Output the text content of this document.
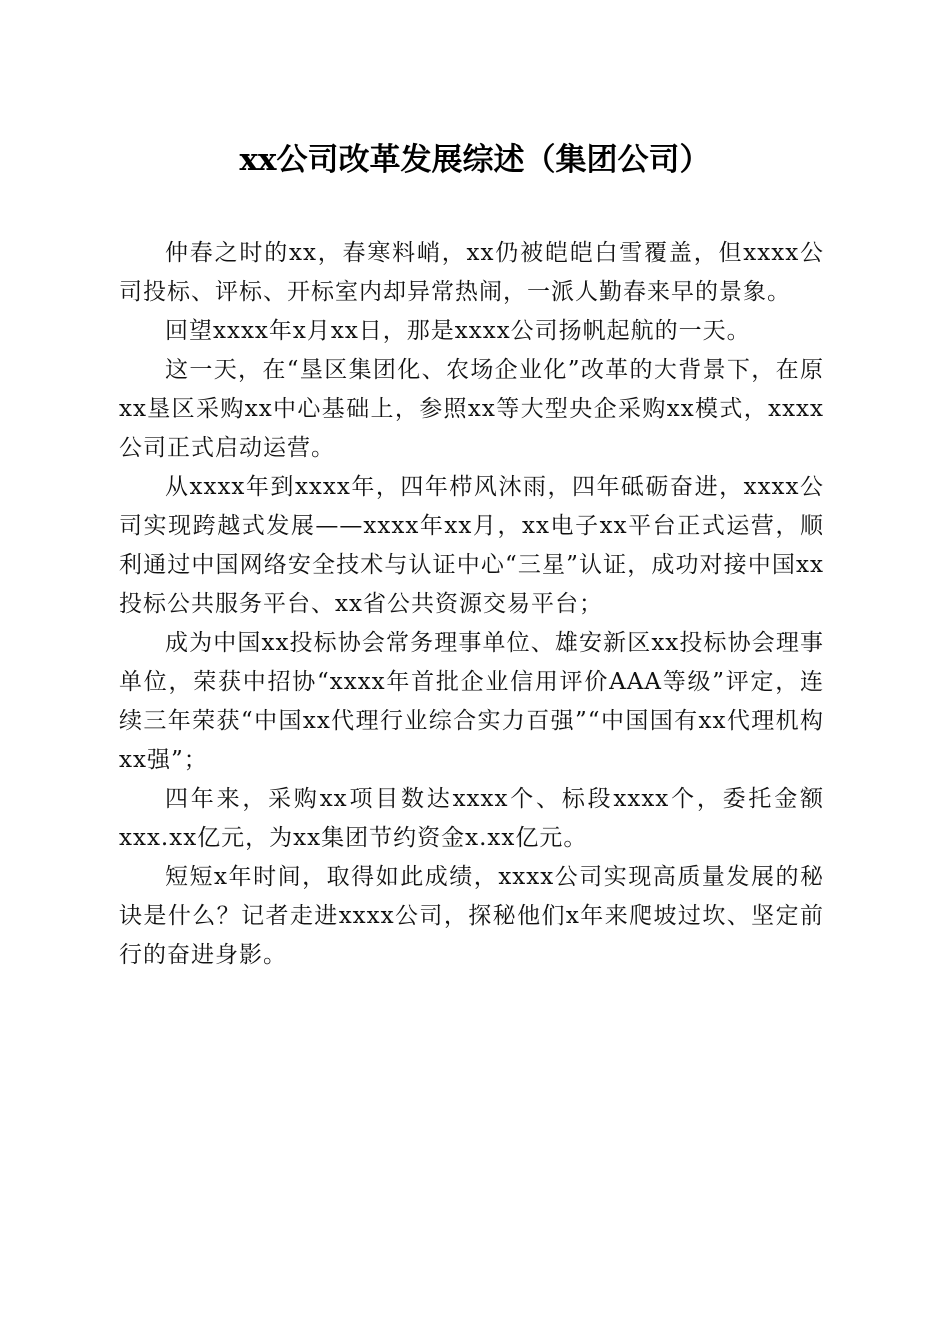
xx公司改革发展综述（集团公司）

仲春之时的xx，春寒料峭，xx仍被皑皑白雪覆盖，但xxxx公司投标、评标、开标室内却异常热闹，一派人勤春来早的景象。

回望xxxx年x月xx日，那是xxxx公司扬帆起航的一天。

这一天，在“垦区集团化、农场企业化”改革的大背景下，在原xx垦区采购xx中心基础上，参照xx等大型央企采购xx模式，xxxx公司正式启动运营。

从xxxx年到xxxx年，四年栉风沐雨，四年砥砺奋进，xxxx公司实现跨越式发展——xxxx年xx月，xx电子xx平台正式运营，顺利通过中国网络安全技术与认证中心“三星”认证，成功对接中国xx投标公共服务平台、xx省公共资源交易平台；

成为中国xx投标协会常务理事单位、雄安新区xx投标协会理事单位，荣获中招协“xxxx年首批企业信用评价AAA等级”评定，连续三年荣获“中国xx代理行业综合实力百强”“中国国有xx代理机构xx强”；

四年来，采购xx项目数达xxxx个、标段xxxx个，委托金额xxx.xx亿元，为xx集团节约资金x.xx亿元。

短短x年时间，取得如此成绩，xxxx公司实现高质量发展的秘诀是什么？记者走进xxxx公司，探秘他们x年来爬坡过坎、坚定前行的奋进身影。
